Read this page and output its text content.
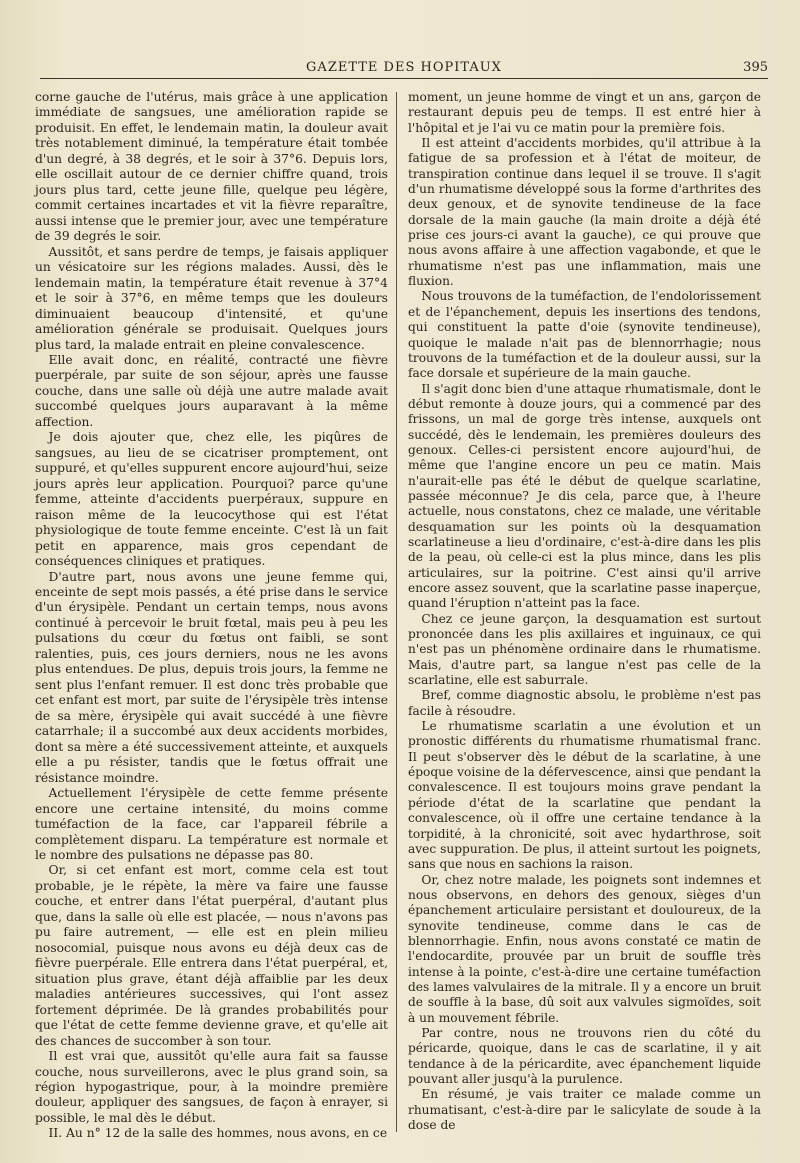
GAZETTE DES HOPITAUX	395

corne gauche de l'utérus, mais grâce à une application immédiate de sangsues, une amélioration rapide se produisit. En effet, le lendemain matin, la douleur avait très notablement diminué, la température était tombée d'un degré, à 38 degrés, et le soir à 37°6. Depuis lors, elle oscillait autour de ce dernier chiffre quand, trois jours plus tard, cette jeune fille, quelque peu légère, commit certaines incartades et vit la fièvre reparaître, aussi intense que le premier jour, avec une température de 39 degrés le soir.

Aussitôt, et sans perdre de temps, je faisais appliquer un vésicatoire sur les régions malades. Aussi, dès le lendemain matin, la température était revenue à 37°4 et le soir à 37°6, en même temps que les douleurs diminuaient beaucoup d'intensité, et qu'une amélioration générale se produisait. Quelques jours plus tard, la malade entrait en pleine convalescence.

Elle avait donc, en réalité, contracté une fièvre puerpérale, par suite de son séjour, après une fausse couche, dans une salle où déjà une autre malade avait succombé quelques jours auparavant à la même affection.

Je dois ajouter que, chez elle, les piqûres de sangsues, au lieu de se cicatriser promptement, ont suppuré, et qu'elles suppurent encore aujourd'hui, seize jours après leur application. Pourquoi? parce qu'une femme, atteinte d'accidents puerpéraux, suppure en raison même de la leucocythose qui est l'état physiologique de toute femme enceinte. C'est là un fait petit en apparence, mais gros cependant de conséquences cliniques et pratiques.

D'autre part, nous avons une jeune femme qui, enceinte de sept mois passés, a été prise dans le service d'un érysipèle. Pendant un certain temps, nous avons continué à percevoir le bruit fœtal, mais peu à peu les pulsations du cœur du fœtus ont faibli, se sont ralenties, puis, ces jours derniers, nous ne les avons plus entendues. De plus, depuis trois jours, la femme ne sent plus l'enfant remuer. Il est donc très probable que cet enfant est mort, par suite de l'érysipèle très intense de sa mère, érysipèle qui avait succédé à une fièvre catarrhale; il a succombé aux deux accidents morbides, dont sa mère a été successivement atteinte, et auxquels elle a pu résister, tandis que le fœtus offrait une résistance moindre.

Actuellement l'érysipèle de cette femme présente encore une certaine intensité, du moins comme tuméfaction de la face, car l'appareil fébrile a complètement disparu. La température est normale et le nombre des pulsations ne dépasse pas 80.

Or, si cet enfant est mort, comme cela est tout probable, je le répète, la mère va faire une fausse couche, et entrer dans l'état puerpéral, d'autant plus que, dans la salle où elle est placée, — nous n'avons pas pu faire autrement, — elle est en plein milieu nosocomial, puisque nous avons eu déjà deux cas de fièvre puerpérale. Elle entrera dans l'état puerpéral, et, situation plus grave, étant déjà affaiblie par les deux maladies antérieures successives, qui l'ont assez fortement déprimée. De là grandes probabilités pour que l'état de cette femme devienne grave, et qu'elle ait des chances de succomber à son tour.

Il est vrai que, aussitôt qu'elle aura fait sa fausse couche, nous surveillerons, avec le plus grand soin, sa région hypogastrique, pour, à la moindre première douleur, appliquer des sangsues, de façon à enrayer, si possible, le mal dès le début.

II. Au n° 12 de la salle des hommes, nous avons, en ce

moment, un jeune homme de vingt et un ans, garçon de restaurant depuis peu de temps. Il est entré hier à l'hôpital et je l'ai vu ce matin pour la première fois.

Il est atteint d'accidents morbides, qu'il attribue à la fatigue de sa profession et à l'état de moiteur, de transpiration continue dans lequel il se trouve. Il s'agit d'un rhumatisme développé sous la forme d'arthrites des deux genoux, et de synovite tendineuse de la face dorsale de la main gauche (la main droite a déjà été prise ces jours-ci avant la gauche), ce qui prouve que nous avons affaire à une affection vagabonde, et que le rhumatisme n'est pas une inflammation, mais une fluxion.

Nous trouvons de la tuméfaction, de l'endolorissement et de l'épanchement, depuis les insertions des tendons, qui constituent la patte d'oie (synovite tendineuse), quoique le malade n'ait pas de blennorrhagie; nous trouvons de la tuméfaction et de la douleur aussi, sur la face dorsale et supérieure de la main gauche.

Il s'agit donc bien d'une attaque rhumatismale, dont le début remonte à douze jours, qui a commencé par des frissons, un mal de gorge très intense, auxquels ont succédé, dès le lendemain, les premières douleurs des genoux. Celles-ci persistent encore aujourd'hui, de même que l'angine encore un peu ce matin. Mais n'aurait-elle pas été le début de quelque scarlatine, passée méconnue? Je dis cela, parce que, à l'heure actuelle, nous constatons, chez ce malade, une véritable desquamation sur les points où la desquamation scarlatineuse a lieu d'ordinaire, c'est-à-dire dans les plis de la peau, où celle-ci est la plus mince, dans les plis articulaires, sur la poitrine. C'est ainsi qu'il arrive encore assez souvent, que la scarlatine passe inaperçue, quand l'éruption n'atteint pas la face.

Chez ce jeune garçon, la desquamation est surtout prononcée dans les plis axillaires et inguinaux, ce qui n'est pas un phénomène ordinaire dans le rhumatisme. Mais, d'autre part, sa langue n'est pas celle de la scarlatine, elle est saburrale.

Bref, comme diagnostic absolu, le problème n'est pas facile à résoudre.

Le rhumatisme scarlatin a une évolution et un pronostic différents du rhumatisme rhumatismal franc. Il peut s'observer dès le début de la scarlatine, à une époque voisine de la défervescence, ainsi que pendant la convalescence. Il est toujours moins grave pendant la période d'état de la scarlatine que pendant la convalescence, où il offre une certaine tendance à la torpidité, à la chronicité, soit avec hydarthrose, soit avec suppuration. De plus, il atteint surtout les poignets, sans que nous en sachions la raison.

Or, chez notre malade, les poignets sont indemnes et nous observons, en dehors des genoux, sièges d'un épanchement articulaire persistant et douloureux, de la synovite tendineuse, comme dans le cas de blennorrhagie. Enfin, nous avons constaté ce matin de l'endocardite, prouvée par un bruit de souffle très intense à la pointe, c'est-à-dire une certaine tuméfaction des lames valvulaires de la mitrale. Il y a encore un bruit de souffle à la base, dû soit aux valvules sigmoïdes, soit à un mouvement fébrile.

Par contre, nous ne trouvons rien du côté du péricarde, quoique, dans le cas de scarlatine, il y ait tendance à de la péricardite, avec épanchement liquide pouvant aller jusqu'à la purulence.

En résumé, je vais traiter ce malade comme un rhumatisant, c'est-à-dire par le salicylate de soude à la dose de
